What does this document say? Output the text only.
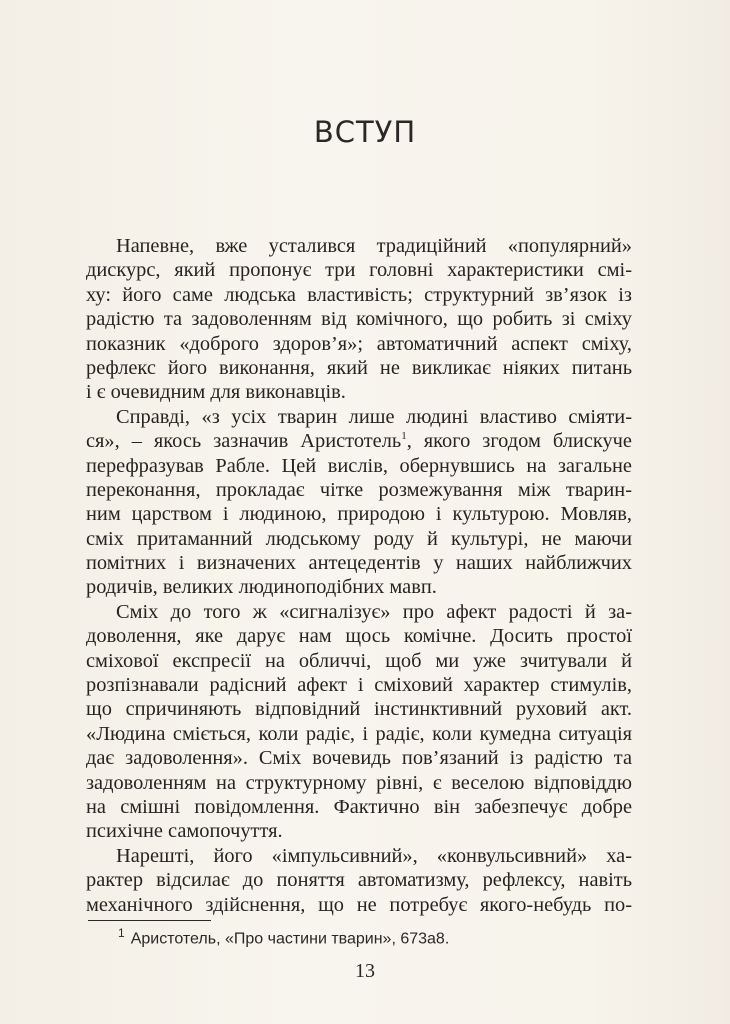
ВСТУП
Напевне, вже усталився традиційний «популярний»
дискурс, який пропонує три головні характеристики смі-
ху: його саме людська властивість; структурний зв’язок із
радістю та задоволенням від комічного, що робить зі сміху
показник «доброго здоров’я»; автоматичний аспект сміху,
рефлекс його виконання, який не викликає ніяких питань
і є очевидним для виконавців.
Справді, «з усіх тварин лише людині властиво сміяти-
ся», – якось зазначив Аристотель$^1$, якого згодом блискуче
перефразував Рабле. Цей вислів, обернувшись на загальне
переконання, прокладає чітке розмежування між тварин-
ним царством і людиною, природою і культурою. Мовляв,
сміх притаманний людському роду й культурі, не маючи
помітних і визначених антецедентів у наших найближчих
родичів, великих людиноподібних мавп.
Сміх до того ж «сигналізує» про афект радості й за-
доволення, яке дарує нам щось комічне. Досить простої
сміхової експресії на обличчі, щоб ми уже зчитували й
розпізнавали радісний афект і сміховий характер стимулів,
що спричиняють відповідний інстинктивний руховий акт.
«Людина сміється, коли радіє, і радіє, коли кумедна ситуація
дає задоволення». Сміх вочевидь пов’язаний із радістю та
задоволенням на структурному рівні, є веселою відповіддю
на смішні повідомлення. Фактично він забезпечує добре
психічне самопочуття.
Нарешті, його «імпульсивний», «конвульсивний» ха-
рактер відсилає до поняття автоматизму, рефлексу, навіть
механічного здійснення, що не потребує якого-небудь по-
$^1$ Аристотель, «Про частини тварин», 673а8.
13
